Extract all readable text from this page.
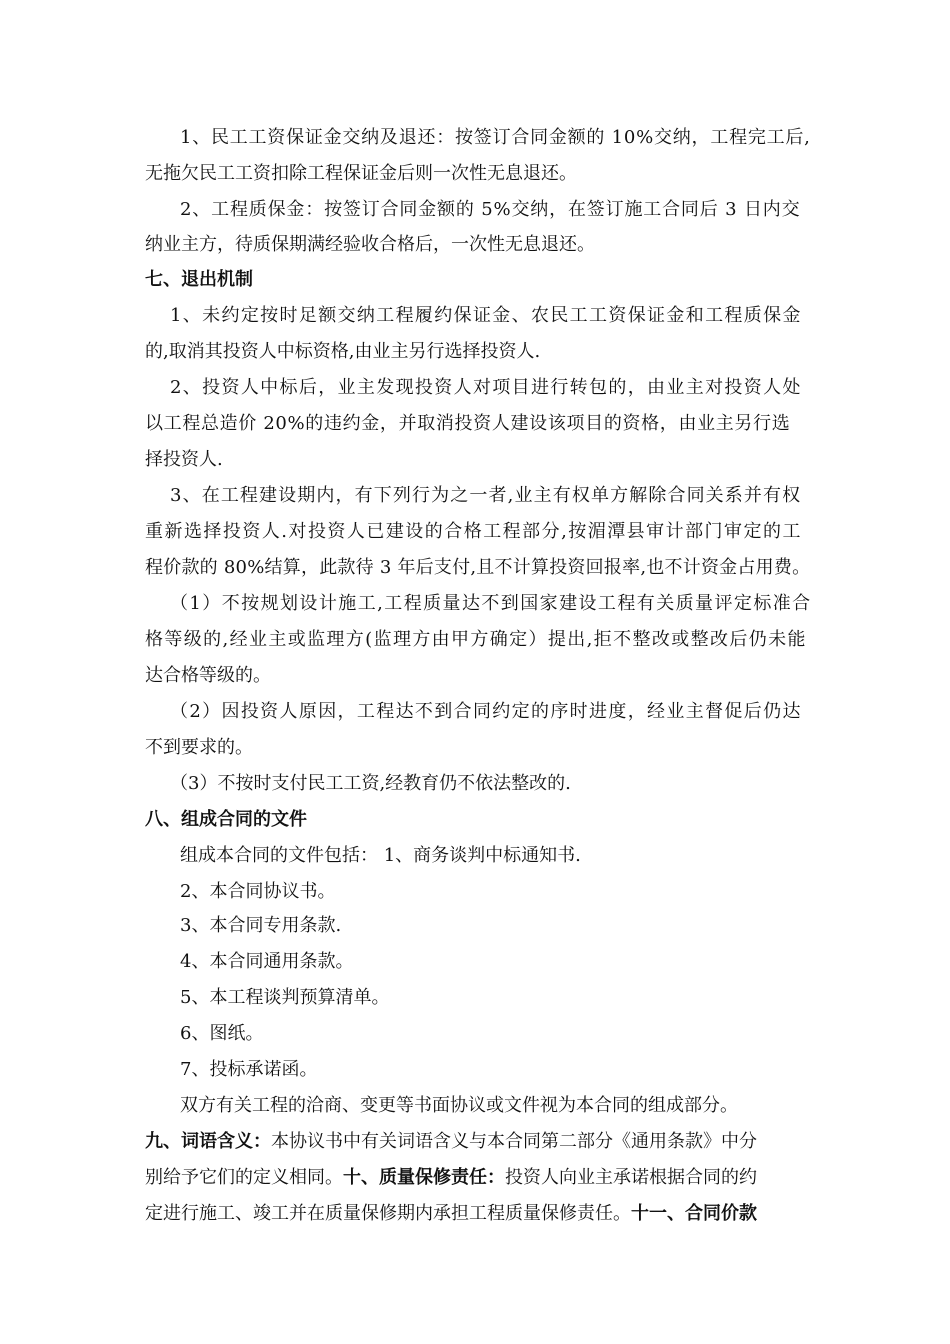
1、民工工资保证金交纳及退还：按签订合同金额的 10%交纳，工程完工后,

无拖欠民工工资扣除工程保证金后则一次性无息退还。

2、工程质保金：按签订合同金额的 5%交纳，在签订施工合同后 3 日内交

纳业主方，待质保期满经验收合格后，一次性无息退还。

七、退出机制

1、未约定按时足额交纳工程履约保证金、农民工工资保证金和工程质保金

的,取消其投资人中标资格,由业主另行选择投资人.

2、投资人中标后，业主发现投资人对项目进行转包的，由业主对投资人处

以工程总造价 20%的违约金，并取消投资人建设该项目的资格，由业主另行选

择投资人.

3、在工程建设期内，有下列行为之一者,业主有权单方解除合同关系并有权

重新选择投资人.对投资人已建设的合格工程部分,按湄潭县审计部门审定的工

程价款的 80%结算，此款待 3 年后支付,且不计算投资回报率,也不计资金占用费。

（1）不按规划设计施工,工程质量达不到国家建设工程有关质量评定标准合

格等级的,经业主或监理方(监理方由甲方确定）提出,拒不整改或整改后仍未能

达合格等级的。

（2）因投资人原因，工程达不到合同约定的序时进度，经业主督促后仍达

不到要求的。

（3）不按时支付民工工资,经教育仍不依法整改的.

八、组成合同的文件

组成本合同的文件包括： 1、商务谈判中标通知书.

2、本合同协议书。

3、本合同专用条款.

4、本合同通用条款。

5、本工程谈判预算清单。

6、图纸。

7、投标承诺函。

双方有关工程的洽商、变更等书面协议或文件视为本合同的组成部分。

九、词语含义：本协议书中有关词语含义与本合同第二部分《通用条款》中分

别给予它们的定义相同。十、质量保修责任：投资人向业主承诺根据合同的约

定进行施工、竣工并在质量保修期内承担工程质量保修责任。十一、合同价款
